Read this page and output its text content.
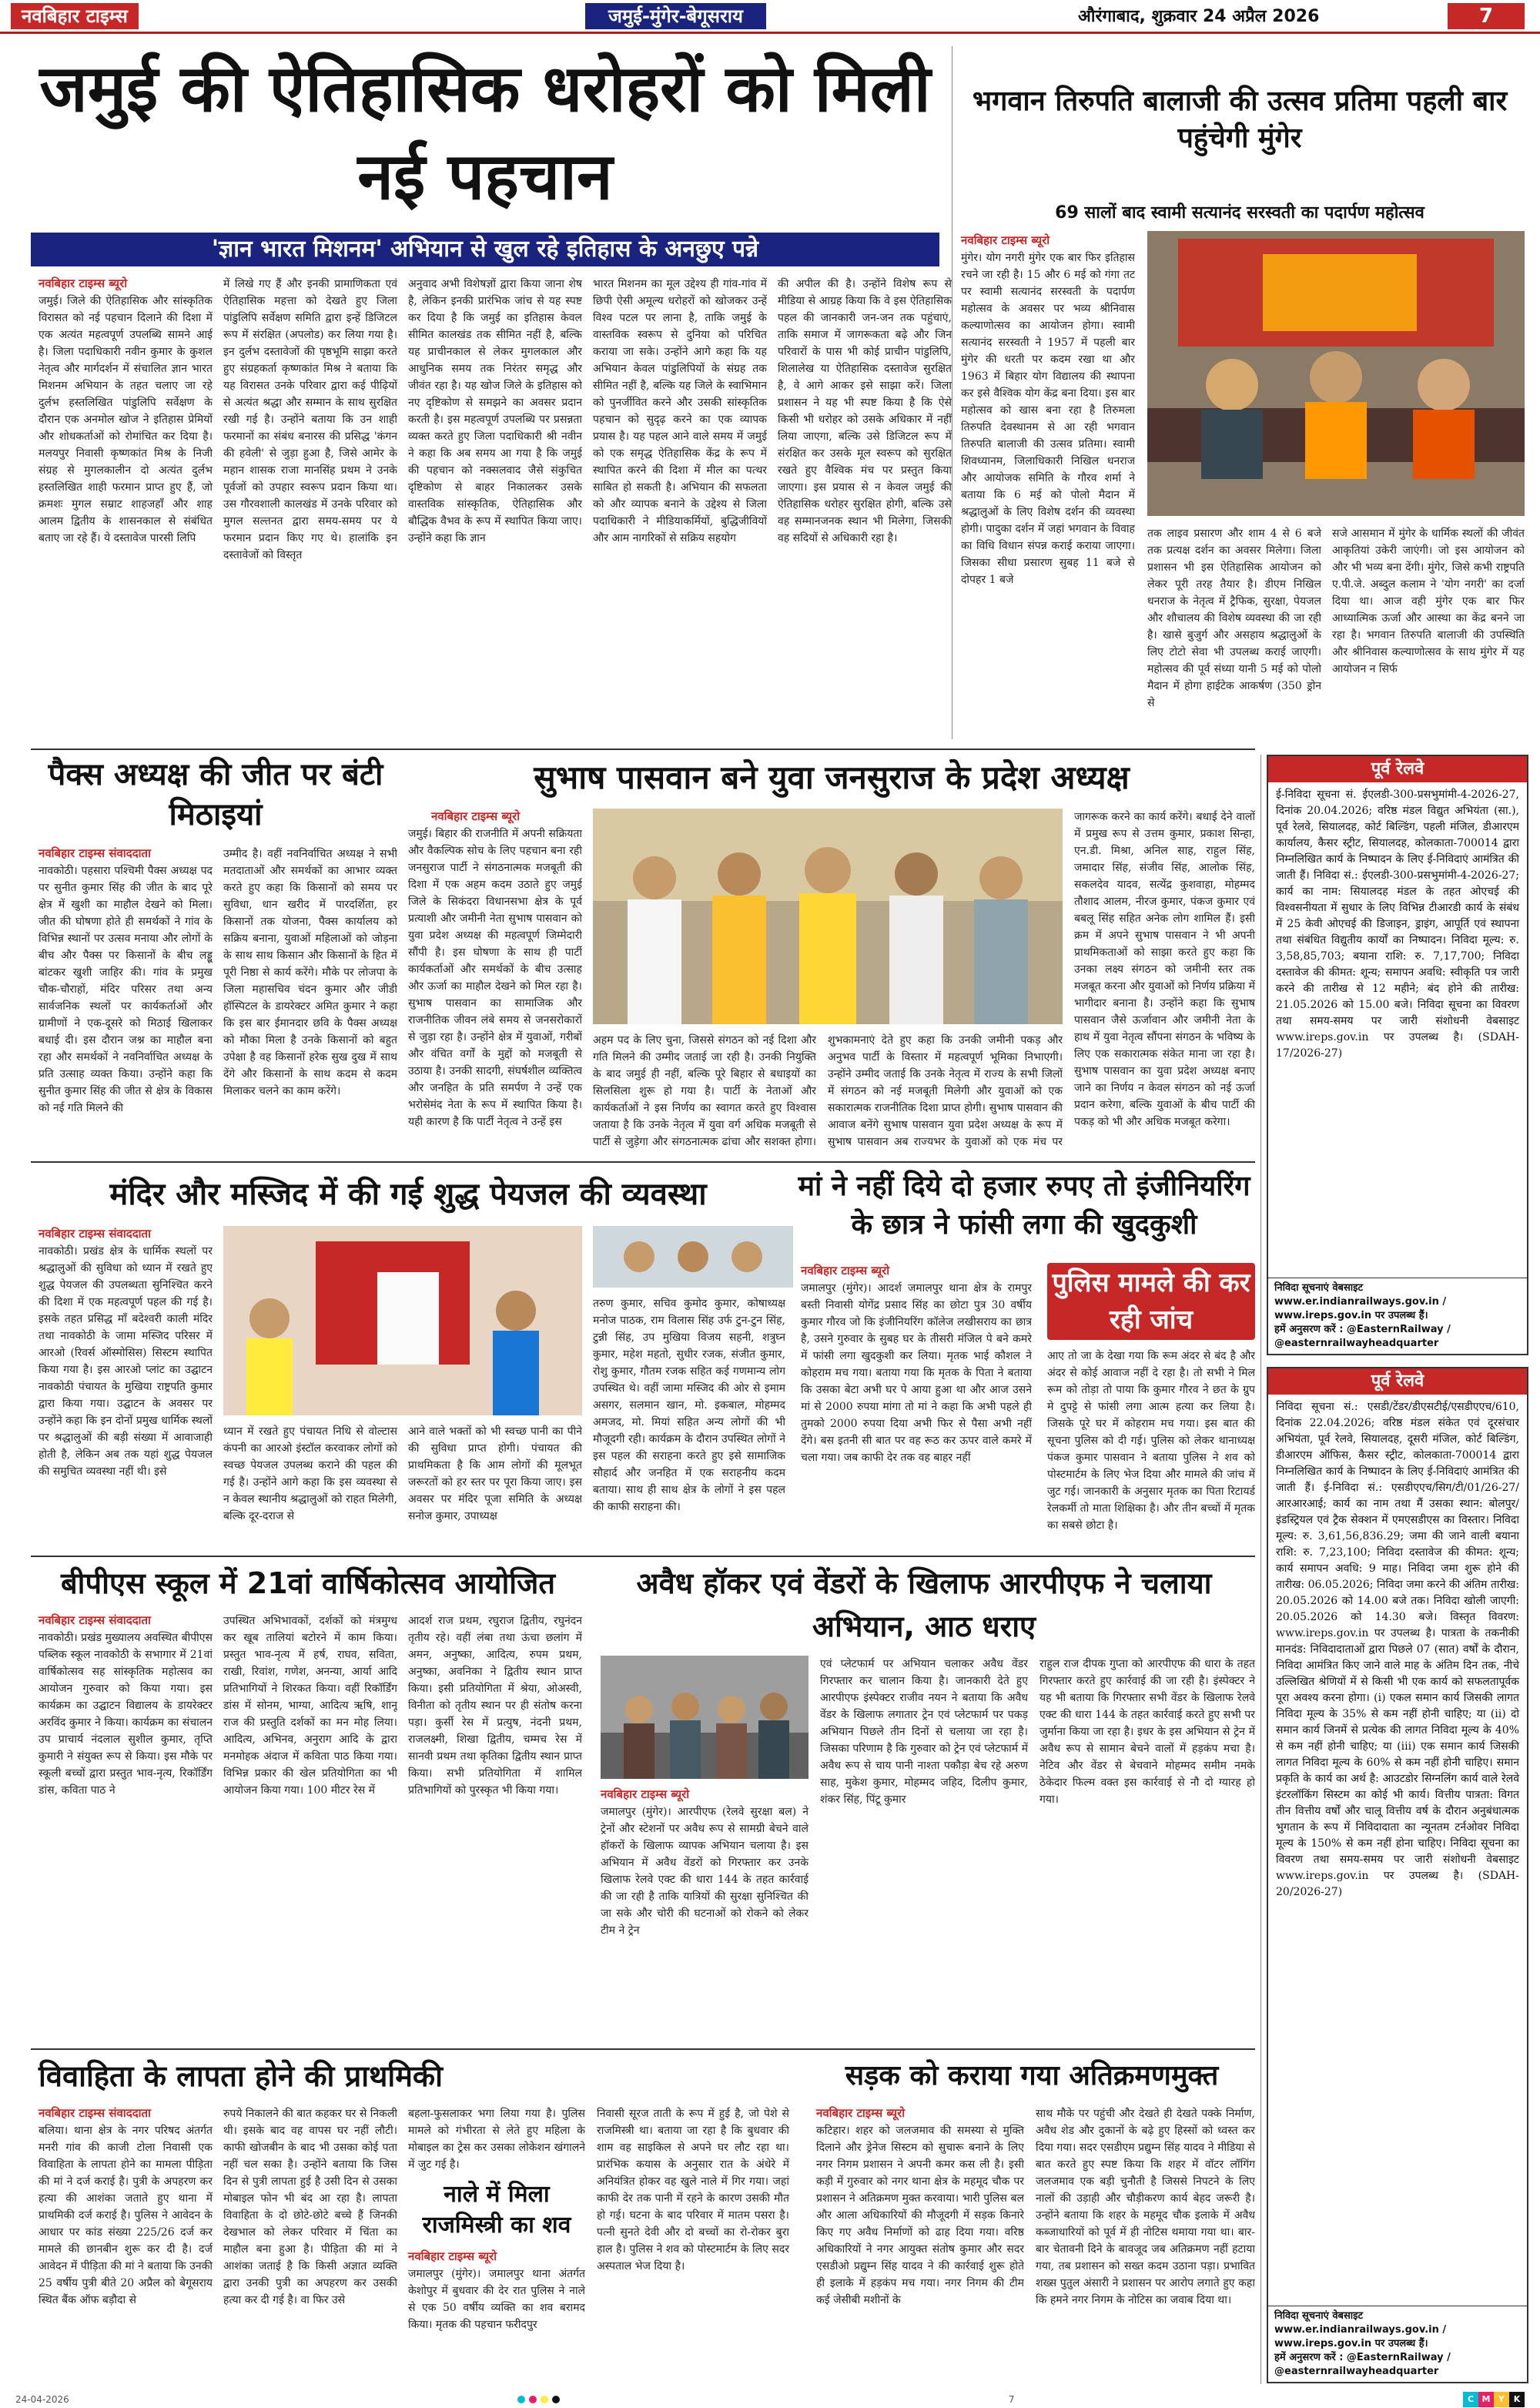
नवबिहार टाइम्स	जमुई-मुंगेर-बेगूसराय	औरंगाबाद, शुक्रवार 24 अप्रैल 2026	7
जमुई की ऐतिहासिक धरोहरों को मिली नई पहचान
'ज्ञान भारत मिशनम' अभियान से खुल रहे इतिहास के अनछुए पन्ने
नवबिहार टाइम्स ब्यूरो
जमुई। जिले की ऐतिहासिक और सांस्कृतिक विरासत को नई पहचान दिलाने की दिशा में एक अत्यंत महत्वपूर्ण उपलब्धि सामने आई है। जिला पदाधिकारी नवीन कुमार के कुशल नेतृत्व और मार्गदर्शन में संचालित ज्ञान भारत मिशनम अभियान के तहत चलाए जा रहे दुर्लभ हस्तलिखित पांडुलिपि सर्वेक्षण के दौरान एक अनमोल खोज ने इतिहास प्रेमियों और शोधकर्ताओं को रोमांचित कर दिया है। मलयपुर निवासी कृष्णकांत मिश्र के निजी संग्रह से मुगलकालीन दो अत्यंत दुर्लभ हस्तलिखित शाही फरमान प्राप्त हुए हैं, जो क्रमशः मुगल सम्राट शाहजहाँ और शाह आलम द्वितीय के शासनकाल से संबंधित बताए जा रहे हैं। ये दस्तावेज पारसी लिपि
में लिखे गए हैं और इनकी प्रामाणिकता एवं ऐतिहासिक महत्ता को देखते हुए जिला पांडुलिपि सर्वेक्षण समिति द्वारा इन्हें डिजिटल रूप में संरक्षित (अपलोड) कर लिया गया है। इन दुर्लभ दस्तावेजों की पृष्ठभूमि साझा करते हुए संग्रहकर्ता कृष्णकांत मिश्र ने बताया कि यह विरासत उनके परिवार द्वारा कई पीढ़ियों से अत्यंत श्रद्धा और सम्मान के साथ सुरक्षित रखी गई है। उन्होंने बताया कि उन शाही फरमानों का संबंध बनारस की प्रसिद्ध 'कंगन की हवेली' से जुड़ा हुआ है, जिसे आमेर के महान शासक राजा मानसिंह प्रथम ने उनके पूर्वजों को उपहार स्वरूप प्रदान किया था। उस गौरवशाली कालखंड में उनके परिवार को मुगल सल्तनत द्वारा समय-समय पर ये फरमान प्रदान किए गए थे। हालांकि इन दस्तावेजों को विस्तृत
अनुवाद अभी विशेषज्ञों द्वारा किया जाना शेष है, लेकिन इनकी प्रारंभिक जांच से यह स्पष्ट कर दिया है कि जमुई का इतिहास केवल सीमित कालखंड तक सीमित नहीं है, बल्कि यह प्राचीनकाल से लेकर मुगलकाल और आधुनिक समय तक निरंतर समृद्ध और जीवंत रहा है। यह खोज जिले के इतिहास को नए दृष्टिकोण से समझने का अवसर प्रदान करती है। इस महत्वपूर्ण उपलब्धि पर प्रसन्नता व्यक्त करते हुए जिला पदाधिकारी श्री नवीन ने कहा कि अब समय आ गया है कि जमुई की पहचान को नक्सलवाद जैसे संकुचित दृष्टिकोण से बाहर निकालकर उसके वास्तविक सांस्कृतिक, ऐतिहासिक और बौद्धिक वैभव के रूप में स्थापित किया जाए। उन्होंने कहा कि ज्ञान
भारत मिशनम का मूल उद्देश्य ही गांव-गांव में छिपी ऐसी अमूल्य धरोहरों को खोजकर उन्हें विश्व पटल पर लाना है, ताकि जमुई के वास्तविक स्वरूप से दुनिया को परिचित कराया जा सके। उन्होंने आगे कहा कि यह अभियान केवल पांडुलिपियों के संग्रह तक सीमित नहीं है, बल्कि यह जिले के स्वाभिमान को पुनर्जीवित करने और उसकी सांस्कृतिक पहचान को सुदृढ़ करने का एक व्यापक प्रयास है। यह पहल आने वाले समय में जमुई को एक समृद्ध ऐतिहासिक केंद्र के रूप में स्थापित करने की दिशा में मील का पत्थर साबित हो सकती है। अभियान की सफलता को और व्यापक बनाने के उद्देश्य से जिला पदाधिकारी ने मीडियाकर्मियों, बुद्धिजीवियों और आम नागरिकों से सक्रिय सहयोग
की अपील की है। उन्होंने विशेष रूप से मीडिया से आग्रह किया कि वे इस ऐतिहासिक पहल की जानकारी जन-जन तक पहुंचाएं, ताकि समाज में जागरूकता बढ़े और जिन परिवारों के पास भी कोई प्राचीन पांडुलिपि, शिलालेख या ऐतिहासिक दस्तावेज सुरक्षित है, वे आगे आकर इसे साझा करें। जिला प्रशासन ने यह भी स्पष्ट किया है कि ऐसे किसी भी धरोहर को उसके अधिकार में नहीं लिया जाएगा, बल्कि उसे डिजिटल रूप में संरक्षित कर उसके मूल स्वरूप को सुरक्षित रखते हुए वैश्विक मंच पर प्रस्तुत किया जाएगा। इस प्रयास से न केवल जमुई की ऐतिहासिक धरोहर सुरक्षित होगी, बल्कि उसे वह सम्मानजनक स्थान भी मिलेगा, जिसकी वह सदियों से अधिकारी रहा है।
भगवान तिरुपति बालाजी की उत्सव प्रतिमा पहली बार पहुंचेगी मुंगेर
69 सालों बाद स्वामी सत्यानंद सरस्वती का पदार्पण महोत्सव
नवबिहार टाइम्स ब्यूरो
मुंगेर। योग नगरी मुंगेर एक बार फिर इतिहास रचने जा रही है। 15 और 6 मई को गंगा तट पर स्वामी सत्यानंद सरस्वती के पदार्पण महोत्सव के अवसर पर भव्य श्रीनिवास कल्याणोत्सव का आयोजन होगा। स्वामी सत्यानंद सरस्वती ने 1957 में पहली बार मुंगेर की धरती पर कदम रखा था और 1963 में बिहार योग विद्यालय की स्थापना कर इसे वैश्विक योग केंद्र बना दिया। इस बार महोत्सव को खास बना रहा है तिरुमला तिरुपति देवस्थानम से आ रही भगवान तिरुपति बालाजी की उत्सव प्रतिमा। स्वामी शिवध्यानम, जिलाधिकारी निखिल धनराज और आयोजक समिति के गौरव शर्मा ने बताया कि 6 मई को पोलो मैदान में श्रद्धालुओं के लिए विशेष दर्शन की व्यवस्था होगी। पादुका दर्शन में जहां भगवान के विवाह का विधि विधान संपन्न कराई कराया जाएगा। जिसका सीधा प्रसारण सुबह 11 बजे से दोपहर 1 बजे
तक लाइव प्रसारण और शाम 4 से 6 बजे तक प्रत्यक्ष दर्शन का अवसर मिलेगा। जिला प्रशासन भी इस ऐतिहासिक आयोजन को लेकर पूरी तरह तैयार है। डीएम निखिल धनराज के नेतृत्व में ट्रैफिक, सुरक्षा, पेयजल और शौचालय की विशेष व्यवस्था की जा रही है। खासे बुजुर्ग और असहाय श्रद्धालुओं के लिए टोटो सेवा भी उपलब्ध कराई जाएगी। महोत्सव की पूर्व संध्या यानी 5 मई को पोलो मैदान में होगा हाईटेक आकर्षण (350 ड्रोन से
सजे आसमान में मुंगेर के धार्मिक स्थलों की जीवंत आकृतियां उकेरी जाएंगी। जो इस आयोजन को और भी भव्य बना देंगी। मुंगेर, जिसे कभी राष्ट्रपति ए.पी.जे. अब्दुल कलाम ने 'योग नगरी' का दर्जा दिया था। आज वही मुंगेर एक बार फिर आध्यात्मिक ऊर्जा और आस्था का केंद्र बनने जा रहा है। भगवान तिरुपति बालाजी की उपस्थिति और श्रीनिवास कल्याणोत्सव के साथ मुंगेर में यह आयोजन न सिर्फ
पैक्स अध्यक्ष की जीत पर बंटी मिठाइयां
नवबिहार टाइम्स संवाददाता
नावकोठी। पहसारा पश्चिमी पैक्स अध्यक्ष पद पर सुनीत कुमार सिंह की जीत के बाद पूरे क्षेत्र में खुशी का माहौल देखने को मिला। जीत की घोषणा होते ही समर्थकों ने गांव के विभिन्न स्थानों पर उत्सव मनाया और लोगों के बीच और पैक्स पर किसानों के बीच लड्डू बांटकर खुशी जाहिर की। गांव के प्रमुख चौक-चौराहों, मंदिर परिसर तथा अन्य सार्वजनिक स्थलों पर कार्यकर्ताओं और ग्रामीणों ने एक-दूसरे को मिठाई खिलाकर बधाई दी। इस दौरान जश्न का माहौल बना रहा और समर्थकों ने नवनिर्वाचित अध्यक्ष के प्रति उत्साह व्यक्त किया। उन्होंने कहा कि सुनीत कुमार सिंह की जीत से क्षेत्र के विकास को नई गति मिलने की
उम्मीद है। वहीं नवनिर्वाचित अध्यक्ष ने सभी मतदाताओं और समर्थकों का आभार व्यक्त करते हुए कहा कि किसानों को समय पर सुविधा, धान खरीद में पारदर्शिता, हर किसानों तक योजना, पैक्स कार्यालय को सक्रिय बनाना, युवाओं महिलाओं को जोड़ना के साथ साथ किसान और किसानों के हित में पूरी निष्ठा से कार्य करेंगे। मौके पर लोजपा के जिला महासचिव चंदन कुमार और जीडी हॉस्पिटल के डायरेक्टर अमित कुमार ने कहा कि इस बार ईमानदार छवि के पैक्स अध्यक्ष को मौका मिला है उनके किसानों को बहुत उपेक्षा है वह किसानों हरेक सुख दुख में साथ देंगे और किसानों के साथ कदम से कदम मिलाकर चलने का काम करेंगे।
सुभाष पासवान बने युवा जनसुराज के प्रदेश अध्यक्ष
नवबिहार टाइम्स ब्यूरो
जमुई। बिहार की राजनीति में अपनी सक्रियता और वैकल्पिक सोच के लिए पहचान बना रही जनसुराज पार्टी ने संगठनात्मक मजबूती की दिशा में एक अहम कदम उठाते हुए जमुई जिले के सिकंदरा विधानसभा क्षेत्र के पूर्व प्रत्याशी और जमीनी नेता सुभाष पासवान को युवा प्रदेश अध्यक्ष की महत्वपूर्ण जिम्मेदारी सौंपी है। इस घोषणा के साथ ही पार्टी कार्यकर्ताओं और समर्थकों के बीच उत्साह और ऊर्जा का माहौल देखने को मिल रहा है। सुभाष पासवान का सामाजिक और राजनीतिक जीवन लंबे समय से जनसरोकारों से जुड़ा रहा है। उन्होंने क्षेत्र में युवाओं, गरीबों और वंचित वर्गों के मुद्दों को मजबूती से उठाया है। उनकी सादगी, संघर्षशील व्यक्तित्व और जनहित के प्रति समर्पण ने उन्हें एक भरोसेमंद नेता के रूप में स्थापित किया है। यही कारण है कि पार्टी नेतृत्व ने उन्हें इस
अहम पद के लिए चुना, जिससे संगठन को नई दिशा और गति मिलने की उम्मीद जताई जा रही है। उनकी नियुक्ति के बाद जमुई ही नहीं, बल्कि पूरे बिहार से बधाइयों का सिलसिला शुरू हो गया है। पार्टी के नेताओं और कार्यकर्ताओं ने इस निर्णय का स्वागत करते हुए विश्वास जताया है कि उनके नेतृत्व में युवा वर्ग अधिक मजबूती से पार्टी से जुड़ेगा और संगठनात्मक ढांचा और सशक्त होगा।
शुभकामनाएं देते हुए कहा कि उनकी जमीनी पकड़ और अनुभव पार्टी के विस्तार में महत्वपूर्ण भूमिका निभाएगी। उन्होंने उम्मीद जताई कि उनके नेतृत्व में राज्य के सभी जिलों में संगठन को नई मजबूती मिलेगी और युवाओं को एक सकारात्मक राजनीतिक दिशा प्राप्त होगी। सुभाष पासवान की आवाज बनेंगे सुभाष पासवान युवा प्रदेश अध्यक्ष के रूप में सुभाष पासवान अब राज्यभर के युवाओं को एक मंच पर
जागरूक करने का कार्य करेंगे। बधाई देने वालों में प्रमुख रूप से उत्तम कुमार, प्रकाश सिन्हा, एन.डी. मिश्रा, अनिल साह, राहुल सिंह, जमादार सिंह, संजीव सिंह, आलोक सिंह, सकलदेव यादव, सत्येंद्र कुशवाहा, मोहम्मद तौशाद आलम, नीरज कुमार, पंकज कुमार एवं बबलू सिंह सहित अनेक लोग शामिल हैं। इसी क्रम में अपने सुभाष पासवान ने भी अपनी प्राथमिकताओं को साझा करते हुए कहा कि उनका लक्ष्य संगठन को जमीनी स्तर तक मजबूत करना और युवाओं को निर्णय प्रक्रिया में भागीदार बनाना है। उन्होंने कहा कि सुभाष पासवान जैसे ऊर्जावान और जमीनी नेता के हाथ में युवा नेतृत्व सौंपना संगठन के भविष्य के लिए एक सकारात्मक संकेत माना जा रहा है। सुभाष पासवान का युवा प्रदेश अध्यक्ष बनाए जाने का निर्णय न केवल संगठन को नई ऊर्जा प्रदान करेगा, बल्कि युवाओं के बीच पार्टी की पकड़ को भी और अधिक मजबूत करेगा।
मंदिर और मस्जिद में की गई शुद्ध पेयजल की व्यवस्था
नवबिहार टाइम्स संवाददाता
नावकोठी। प्रखंड क्षेत्र के धार्मिक स्थलों पर श्रद्धालुओं की सुविधा को ध्यान में रखते हुए शुद्ध पेयजल की उपलब्धता सुनिश्चित करने की दिशा में एक महत्वपूर्ण पहल की गई है। इसके तहत प्रसिद्ध माँ बदेश्वरी काली मंदिर तथा नावकोठी के जामा मस्जिद परिसर में आरओ (रिवर्स ऑस्मोसिस) सिस्टम स्थापित किया गया है। इस आरओ प्लांट का उद्घाटन नावकोठी पंचायत के मुखिया राष्ट्रपति कुमार द्वारा किया गया। उद्घाटन के अवसर पर उन्होंने कहा कि इन दोनों प्रमुख धार्मिक स्थलों पर श्रद्धालुओं की बड़ी संख्या में आवाजाही होती है, लेकिन अब तक यहां शुद्ध पेयजल की समुचित व्यवस्था नहीं थी। इसे
ध्यान में रखते हुए पंचायत निधि से वोल्टास कंपनी का आरओ इंस्टॉल करवाकर लोगों को स्वच्छ पेयजल उपलब्ध कराने की पहल की गई है। उन्होंने आगे कहा कि इस व्यवस्था से न केवल स्थानीय श्रद्धालुओं को राहत मिलेगी, बल्कि दूर-दराज से
आने वाले भक्तों को भी स्वच्छ पानी का पीने की सुविधा प्राप्त होगी। पंचायत की प्राथमिकता है कि आम लोगों की मूलभूत जरूरतों को हर स्तर पर पूरा किया जाए। इस अवसर पर मंदिर पूजा समिति के अध्यक्ष सनोज कुमार, उपाध्यक्ष
तरुण कुमार, सचिव कुमोद कुमार, कोषाध्यक्ष मनोज पाठक, राम विलास सिंह उर्फ टुन-टुन सिंह, टुन्नी सिंह, उप मुखिया विजय सहनी, शत्रुघ्न कुमार, महेश महतो, सुधीर रजक, संजीत कुमार, रोशु कुमार, गौतम रजक सहित कई गणमान्य लोग उपस्थित थे। वहीं जामा मस्जिद की ओर से इमाम असगर, सलमान खान, मो. इकबाल, मोहम्मद अमजद, मो. मियां सहित अन्य लोगों की भी मौजूदगी रही। कार्यक्रम के दौरान उपस्थित लोगों ने इस पहल की सराहना करते हुए इसे सामाजिक सौहार्द और जनहित में एक सराहनीय कदम बताया। साथ ही साथ क्षेत्र के लोगों ने इस पहल की काफी सराहना की।
मां ने नहीं दिये दो हजार रुपए तो इंजीनियरिंग के छात्र ने फांसी लगा की खुदकुशी
पुलिस मामले की कर रही जांच
नवबिहार टाइम्स ब्यूरो
जमालपुर (मुंगेर)। आदर्श जमालपुर थाना क्षेत्र के रामपुर बस्ती निवासी योगेंद्र प्रसाद सिंह का छोटा पुत्र 30 वर्षीय कुमार गौरव जो कि इंजीनियरिंग कॉलेज लखीसराय का छात्र है, उसने गुरुवार के सुबह घर के तीसरी मंजिल पे बने कमरे में फांसी लगा खुदकुशी कर लिया। मृतक भाई कौशल ने कोहराम मच गया। बताया गया कि मृतक के पिता ने बताया कि उसका बेटा अभी घर पे आया हुआ था और आज उसने मां से 2000 रुपया मांगा तो मां ने कहा कि अभी पहले ही तुमको 2000 रुपया दिया अभी फिर से पैसा अभी नहीं देंगे। बस इतनी सी बात पर वह रूठ कर ऊपर वाले कमरे में चला गया। जब काफी देर तक वह बाहर नहीं
आए तो जा के देखा गया कि रूम अंदर से बंद है और अंदर से कोई आवाज नहीं दे रहा है। तो सभी ने मिल रूम को तोड़ा तो पाया कि कुमार गौरव ने छत के ग्रुप मे दुपट्टे से फांसी लगा आत्म हत्या कर लिया है। जिसके पूरे घर में कोहराम मच गया। इस बात की सूचना पुलिस को दी गई। पुलिस को लेकर थानाध्यक्ष पंकज कुमार पासवान ने बताया पुलिस ने शव को पोस्टमार्टम के लिए भेज दिया और मामले की जांच में जुट गई। जानकारी के अनुसार मृतक का पिता रिटायर्ड रेलकर्मी तो माता शिक्षिका है। और तीन बच्चों में मृतक का सबसे छोटा है।
बीपीएस स्कूल में 21वां वार्षिकोत्सव आयोजित
नवबिहार टाइम्स संवाददाता
नावकोठी। प्रखंड मुख्यालय अवस्थित बीपीएस पब्लिक स्कूल नावकोठी के सभागार में 21वां वार्षिकोत्सव सह सांस्कृतिक महोत्सव का आयोजन गुरुवार को किया गया। इस कार्यक्रम का उद्घाटन विद्यालय के डायरेक्टर अरविंद कुमार ने किया। कार्यक्रम का संचालन उप प्राचार्य नंदलाल सुशील कुमार, तृप्ति कुमारी ने संयुक्त रूप से किया। इस मौके पर स्कूली बच्चों द्वारा प्रस्तुत भाव-नृत्य, रिकॉर्डिंग डांस, कविता पाठ ने
उपस्थित अभिभावकों, दर्शकों को मंत्रमुग्ध कर खूब तालियां बटोरने में काम किया। प्रस्तुत भाव-नृत्य में हर्ष, राघव, सविता, राखी, रिवांश, गणेश, अनन्या, आर्या आदि प्रतिभागियों ने शिरकत किया। वहीं रिकॉर्डिंग डांस में सोनम, भाग्या, आदित्य ऋषि, शानू राज की प्रस्तुति दर्शकों का मन मोह लिया। आदित्य, अभिनव, अनुराग आदि के द्वारा मनमोहक अंदाज में कविता पाठ किया गया। विभिन्न प्रकार की खेल प्रतियोगिता का भी आयोजन किया गया। 100 मीटर रेस में
आदर्श राज प्रथम, रघुराज द्वितीय, रघुनंदन तृतीय रहे। वहीं लंबा तथा ऊंचा छलांग में अमन, अनुष्का, आदित्य, रुपम प्रथम, अनुष्का, अवनिका ने द्वितीय स्थान प्राप्त किया। इसी प्रतियोगिता में श्रेया, ओअस्वी, विनीता को तृतीय स्थान पर ही संतोष करना पड़ा। कुर्सी रेस में प्रत्युष, नंदनी प्रथम, राजलक्ष्मी, शिखा द्वितीय, चम्मच रेस में सानवी प्रथम तथा कृतिका द्वितीय स्थान प्राप्त किया। सभी प्रतियोगिता में शामिल प्रतिभागियों को पुरस्कृत भी किया गया।
अवैध हॉकर एवं वेंडरों के खिलाफ आरपीएफ ने चलाया अभियान, आठ धराए
नवबिहार टाइम्स ब्यूरो
जमालपुर (मुंगेर)। आरपीएफ (रेलवे सुरक्षा बल) ने ट्रेनों और स्टेशनों पर अवैध रूप से सामग्री बेचने वाले हॉकरों के खिलाफ व्यापक अभियान चलाया है। इस अभियान में अवैध वेंडरों को गिरफ्तार कर उनके खिलाफ रेलवे एक्ट की धारा 144 के तहत कार्रवाई की जा रही है ताकि यात्रियों की सुरक्षा सुनिश्चित की जा सके और चोरी की घटनाओं को रोकने को लेकर टीम ने ट्रेन
एवं प्लेटफार्म पर अभियान चलाकर अवैध वेंडर गिरफ्तार कर चालान किया है। जानकारी देते हुए आरपीएफ इंस्पेक्टर राजीव नयन ने बताया कि अवैध वेंडर के खिलाफ लगातार ट्रेन एवं प्लेटफार्म पर पकड़ अभियान पिछले तीन दिनों से चलाया जा रहा है। जिसका परिणाम है कि गुरुवार को ट्रेन एवं प्लेटफार्म में अवैध रूप से चाय पानी नाश्ता पकौड़ा बेच रहे अरुण साह, मुकेश कुमार, मोहम्मद जहिद, दिलीप कुमार, शंकर सिंह, पिंटू कुमार
राहुल राज दीपक गुप्ता को आरपीएफ की धारा के तहत गिरफ्तार करते हुए कार्रवाई की जा रही है। इंस्पेक्टर ने यह भी बताया कि गिरफ्तार सभी वेंडर के खिलाफ रेलवे एक्ट की धारा 144 के तहत कार्रवाई करते हुए सभी पर जुर्माना किया जा रहा है। इधर के इस अभियान से ट्रेन में अवैध रूप से सामान बेचने वालों में हड़कंप मचा है। नेटिव और वेंडर से बेचवाने मोहम्मद समीम नमके ठेकेदार फिल्म वक्त इस कार्रवाई से नौ दो ग्यारह हो गया।
विवाहिता के लापता होने की प्राथमिकी
नवबिहार टाइम्स संवाददाता
बलिया। थाना क्षेत्र के नगर परिषद अंतर्गत मनरी गांव की काजी टोला निवासी एक विवाहिता के लापता होने का मामला पीड़िता की मां ने दर्ज कराई है। पुत्री के अपहरण कर हत्या की आशंका जताते हुए थाना में प्राथमिकी दर्ज कराई है। पुलिस ने आवेदन के आधार पर कांड संख्या 225/26 दर्ज कर मामले की छानबीन शुरू कर दी है। दर्ज आवेदन में पीड़िता की मां ने बताया कि उनकी 25 वर्षीय पुत्री बीते 20 अप्रैल को बेगूसराय स्थित बैंक ऑफ बड़ौदा से
रुपये निकालने की बात कहकर घर से निकली थी। इसके बाद वह वापस घर नहीं लौटी। काफी खोजबीन के बाद भी उसका कोई पता नहीं चल सका है। उन्होंने बताया कि जिस दिन से पुत्री लापता हुई है उसी दिन से उसका मोबाइल फोन भी बंद आ रहा है। लापता विवाहिता के दो छोटे-छोटे बच्चे हैं जिनकी देखभाल को लेकर परिवार में चिंता का माहौल बना हुआ है। पीड़िता की मां ने आशंका जताई है कि किसी अज्ञात व्यक्ति द्वारा उनकी पुत्री का अपहरण कर उसकी हत्या कर दी गई है। वा फिर उसे
बहला-फुसलाकर भगा लिया गया है। पुलिस मामले को गंभीरता से लेते हुए महिला के मोबाइल का ट्रेस कर उसका लोकेशन खंगालने में जुट गई है।
नाले में मिला राजमिस्त्री का शव
नवबिहार टाइम्स ब्यूरो
जमालपुर (मुंगेर)। जमालपुर थाना अंतर्गत केशोपुर में बुधवार की देर रात पुलिस ने नाले से एक 50 वर्षीय व्यक्ति का शव बरामद किया। मृतक की पहचान फरीदपुर
निवासी सूरज ताती के रूप में हुई है, जो पेशे से राजमिस्त्री था। बताया जा रहा है कि बुधवार की शाम वह साइकिल से अपने घर लौट रहा था। प्रारंभिक कयास के अनुसार रात के अंधेरे में अनियंत्रित होकर वह खुले नाले में गिर गया। जहां काफी देर तक पानी में रहने के कारण उसकी मौत हो गई। घटना के बाद परिवार में मातम पसरा है। पत्नी सुनते देवी और दो बच्चों का रो-रोकर बुरा हाल है। पुलिस ने शव को पोस्टमार्टम के लिए सदर अस्पताल भेज दिया है।
सड़क को कराया गया अतिक्रमणमुक्त
नवबिहार टाइम्स ब्यूरो
कटिहार। शहर को जलजमाव की समस्या से मुक्ति दिलाने और ड्रेनेज सिस्टम को सुचारू बनाने के लिए नगर निगम प्रशासन ने अपनी कमर कस ली है। इसी कड़ी में गुरुवार को नगर थाना क्षेत्र के महमूद चौक पर प्रशासन ने अतिक्रमण मुक्त करवाया। भारी पुलिस बल और आला अधिकारियों की मौजूदगी में सड़क किनारे किए गए अवैध निर्माणों को ढाह दिया गया। वरिष्ठ अधिकारियों ने नगर आयुक्त संतोष कुमार और सदर एसडीओ प्रद्युम्न सिंह यादव ने की कार्रवाई शुरू होते ही इलाके में हड़कंप मच गया। नगर निगम की टीम कई जेसीबी मशीनों के
साथ मौके पर पहुंची और देखते ही देखते पक्के निर्माण, अवैध शेड और दुकानों के बढ़े हुए हिस्सों को ध्वस्त कर दिया गया। सदर एसडीएम प्रद्युम्न सिंह यादव ने मीडिया से बात करते हुए स्पष्ट किया कि शहर में वॉटर लॉगिंग जलजमाव एक बड़ी चुनौती है जिससे निपटने के लिए नालों की उड़ाही और चौड़ीकरण कार्य बेहद जरूरी है। उन्होंने बताया कि शहर के महमूद चौक इलाके में अवैध कब्जाधारियों को पूर्व में ही नोटिस थमाया गया था। बार-बार चेतावनी दिने के बावजूद जब अतिक्रमण नहीं हटाया गया, तब प्रशासन को सख्त कदम उठाना पड़ा। प्रभावित शख्स पुतुल अंसारी ने प्रशासन पर आरोप लगाते हुए कहा कि हमने नगर निगम के नोटिस का जवाब दिया था।
पूर्व रेलवे
ई-निविदा सूचना सं. ईएलडी-300-प्रसभुमांमी-4-2026-27, दिनांक 20.04.2026; वरिष्ठ मंडल विद्युत अभियंता (सा.), पूर्व रेलवे, सियालदह, कोर्ट बिल्डिंग, पहली मंजिल, डीआरएम कार्यालय, कैसर स्ट्रीट, सियालदह, कोलकाता-700014 द्वारा निम्नलिखित कार्य के निष्पादन के लिए ई-निविदाएं आमंत्रित की जाती हैं। निविदा सं.: ईएलडी-300-प्रसभुमांमी-4-2026-27; कार्य का नाम: सियालदह मंडल के तहत ओएचई की विश्वसनीयता में सुधार के लिए विभिन्न टीआरडी कार्य के संबंध में 25 केवी ओएचई की डिजाइन, ड्राइंग, आपूर्ति एवं स्थापना तथा संबंधित विद्युतीय कार्यों का निष्पादन। निविदा मूल्य: रु. 3,58,85,703; बयाना राशि: रु. 7,17,700; निविदा दस्तावेज की कीमत: शून्य; समापन अवधि: स्वीकृति पत्र जारी करने की तारीख से 12 महीने; बंद होने की तारीख: 21.05.2026 को 15.00 बजे। निविदा सूचना का विवरण तथा समय-समय पर जारी संशोधनी वेबसाइट www.ireps.gov.in पर उपलब्ध है। (SDAH-17/2026-27)
निविदा सूचनाएं वेबसाइट www.er.indianrailways.gov.in / www.ireps.gov.in पर उपलब्ध हैं।
हमें अनुसरण करें : @EasternRailway / @easternrailwayheadquarter
पूर्व रेलवे
निविदा सूचना सं.: एसडी/टेंडर/डीएसटीई/एसडीएएच/610, दिनांक 22.04.2026; वरिष्ठ मंडल संकेत एवं दूरसंचार अभियंता, पूर्व रेलवे, सियालदह, दूसरी मंजिल, कोर्ट बिल्डिंग, डीआरएम ऑफिस, कैसर स्ट्रीट, कोलकाता-700014 द्वारा निम्नलिखित कार्य के निष्पादन के लिए ई-निविदाएं आमंत्रित की जाती हैं। ई-निविदा सं.: एसडीएएच/सिग/टी/01/26-27/आरआरआई; कार्य का नाम तथा मैं उसका स्थान: बोलपुर/इंडस्ट्रियल एवं ट्रैक सेक्शन में एमएसडीएस का विस्तार। निविदा मूल्य: रु. 3,61,56,836.29; जमा की जाने वाली बयाना राशि: रु. 7,23,100; निविदा दस्तावेज की कीमत: शून्य; कार्य समापन अवधि: 9 माह। निविदा जमा शुरू होने की तारीख: 06.05.2026; निविदा जमा करने की अंतिम तारीख: 20.05.2026 को 14.00 बजे तक। निविदा खोली जाएगी: 20.05.2026 को 14.30 बजे। विस्तृत विवरण: www.ireps.gov.in पर उपलब्ध है। पात्रता के तकनीकी मानदंड: निविदादाताओं द्वारा पिछले 07 (सात) वर्षों के दौरान, निविदा आमंत्रित किए जाने वाले माह के अंतिम दिन तक, नीचे उल्लिखित श्रेणियों में से किसी भी एक कार्य को सफलतापूर्वक पूरा अवश्य करना होगा। (i) एकल समान कार्य जिसकी लागत निविदा मूल्य के 35% से कम नहीं होनी चाहिए; या (ii) दो समान कार्य जिनमें से प्रत्येक की लागत निविदा मूल्य के 40% से कम नहीं होनी चाहिए; या (iii) एक समान कार्य जिसकी लागत निविदा मूल्य के 60% से कम नहीं होनी चाहिए। समान प्रकृति के कार्य का अर्थ है: आउटडोर सिग्नलिंग कार्य वाले रेलवे इंटरलॉकिंग सिस्टम का कोई भी कार्य। वित्तीय पात्रता: विगत तीन वित्तीय वर्षों और चालू वित्तीय वर्ष के दौरान अनुबंधात्मक भुगतान के रूप में निविदादाता का न्यूनतम टर्नओवर निविदा मूल्य के 150% से कम नहीं होना चाहिए। निविदा सूचना का विवरण तथा समय-समय पर जारी संशोधनी वेबसाइट www.ireps.gov.in पर उपलब्ध है। (SDAH-20/2026-27)
निविदा सूचनाएं वेबसाइट www.er.indianrailways.gov.in / www.ireps.gov.in पर उपलब्ध हैं।
हमें अनुसरण करें : @EasternRailway / @easternrailwayheadquarter
24-04-2026	7	C M Y	K
